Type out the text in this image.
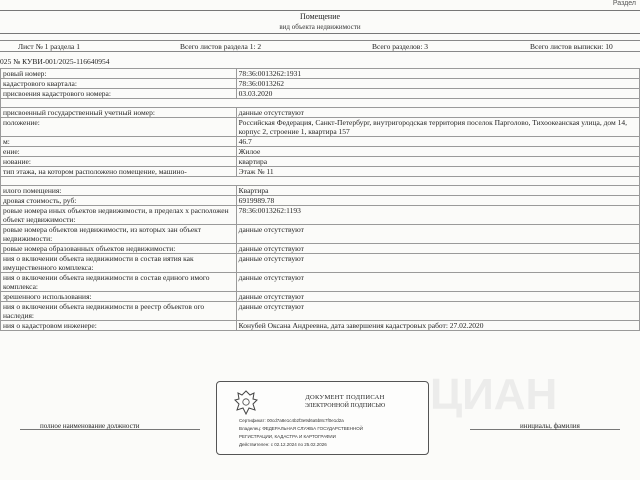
Раздел
Помещение
вид объекта недвижимости
Лист № 1 раздела 1	Всего листов раздела 1: 2	Всего разделов: 3	Всего листов выписки: 10
025 № КУВИ-001/2025-116640954
ровый номер:	78:36:0013262:1931
кадастрового квартала:	78:36:0013262
присвоения кадастрового номера:	03.03.2020

присвоенный государственный учетный номер:	данные отсутствуют
положение:	Российская Федерация, Санкт-Петербург, внутригородская территория поселок Парголово, Тихоокеанская улица, дом 14, корпус 2, строение 1, квартира 157
м:	46.7
ение:	Жилое
нование:	квартира
тип этажа, на котором расположено помещение, машино-	Этаж № 11

илого помещения:	Квартира
дровая стоимость, руб:	6919989.78
ровые номера иных объектов недвижимости, в пределах х расположен объект недвижимости:	78:36:0013262:1193
ровые номера объектов недвижимости, из которых зан объект недвижимости:	данные отсутствуют
ровые номера образованных объектов недвижимости:	данные отсутствуют
ния о включении объекта недвижимости в состав иятия как имущественного комплекса:	данные отсутствуют
ния о включении объекта недвижимости в состав единого имого комплекса:	данные отсутствуют
зрешенного использования:	данные отсутствуют
ния о включении объекта недвижимости в реестр объектов ого наследия:	данные отсутствуют
ния о кадастровом инженере:	Конубей Оксана Андреевна, дата завершения кадастровых работ: 27.02.2020
ЦИАН
полное наименование должности	инициалы, фамилия
ДОКУМЕНТ ПОДПИСАН
ЭЛЕКТРОННОЙ ПОДПИСЬЮ
Сертификат: 00cd7a8e1c4b2f3e9d6a5b8c7f0e1d2a
Владелец: ФЕДЕРАЛЬНАЯ СЛУЖБА ГОСУДАРСТВЕННОЙ
РЕГИСТРАЦИИ, КАДАСТРА И КАРТОГРАФИИ
Действителен: с 02.12.2024 по 25.02.2026
